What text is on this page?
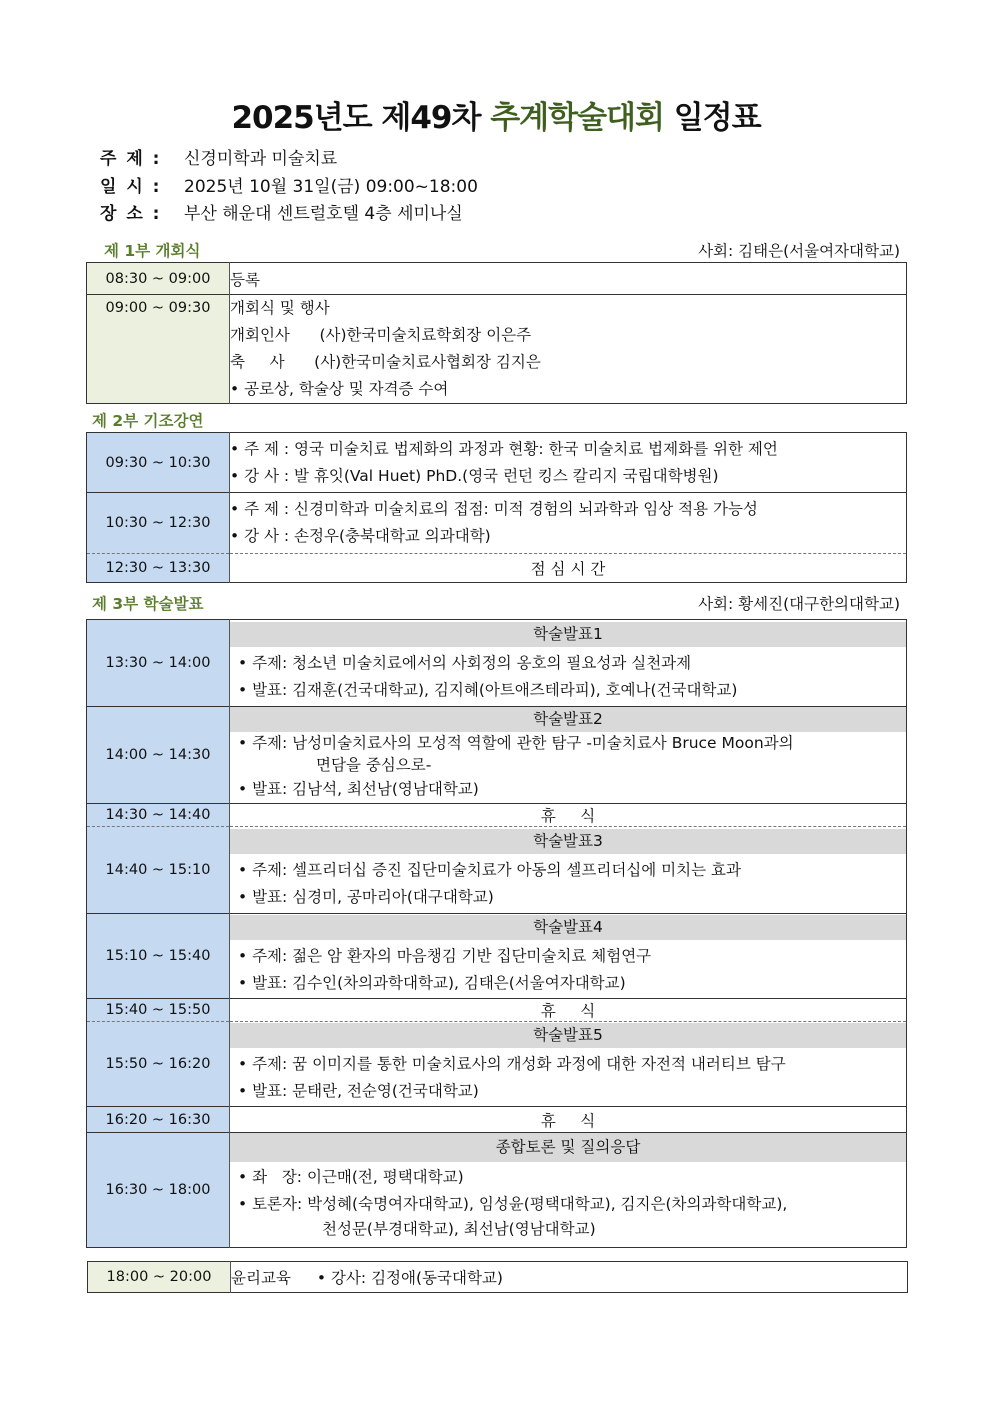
2025년도 제49차 추계학술대회 일정표
주 제 : 신경미학과 미술치료
일 시 : 2025년 10월 31일(금) 09:00~18:00
장 소 : 부산 해운대 센트럴호텔 4층 세미나실
제 1부 개회식	사회: 김태은(서울여자대학교)
08:30 ~ 09:00	등록
09:00 ~ 09:30	개회식 및 행사
개회인사      (사)한국미술치료학회장 이은주
축     사      (사)한국미술치료사협회장 김지은
• 공로상, 학술상 및 자격증 수여
제 2부 기조강연
09:30 ~ 10:30	• 주 제 : 영국 미술치료 법제화의 과정과 현황: 한국 미술치료 법제화를 위한 제언
• 강 사 : 발 휴잇(Val Huet) PhD.(영국 런던 킹스 칼리지 국립대학병원)

10:30 ~ 12:30	• 주 제 : 신경미학과 미술치료의 접점: 미적 경험의 뇌과학과 임상 적용 가능성
• 강 사 : 손정우(충북대학교 의과대학)

12:30 ~ 13:30	점 심 시 간
제 3부 학술발표	사회: 황세진(대구한의대학교)
13:30 ~ 14:00	학술발표1
• 주제: 청소년 미술치료에서의 사회정의 옹호의 필요성과 실천과제
• 발표: 김재훈(건국대학교), 김지혜(아트애즈테라피), 호예나(건국대학교)

14:00 ~ 14:30	학술발표2
• 주제: 남성미술치료사의 모성적 역할에 관한 탐구 -미술치료사 Bruce Moon과의
면담을 중심으로-
• 발표: 김남석, 최선남(영남대학교)

14:30 ~ 14:40	휴     식
14:40 ~ 15:10	학술발표3
• 주제: 셀프리더십 증진 집단미술치료가 아동의 셀프리더십에 미치는 효과
• 발표: 심경미, 공마리아(대구대학교)

15:10 ~ 15:40	학술발표4
• 주제: 젊은 암 환자의 마음챙김 기반 집단미술치료 체험연구
• 발표: 김수인(차의과학대학교), 김태은(서울여자대학교)

15:40 ~ 15:50	휴     식
15:50 ~ 16:20	학술발표5
• 주제: 꿈 이미지를 통한 미술치료사의 개성화 과정에 대한 자전적 내러티브 탐구
• 발표: 문태란, 전순영(건국대학교)

16:20 ~ 16:30	휴     식
16:30 ~ 18:00	종합토론 및 질의응답
• 좌   장: 이근매(전, 평택대학교)
• 토론자: 박성혜(숙명여자대학교), 임성윤(평택대학교), 김지은(차의과학대학교),
천성문(부경대학교), 최선남(영남대학교)
18:00 ~ 20:00	윤리교육 • 강사: 김정애(동국대학교)
